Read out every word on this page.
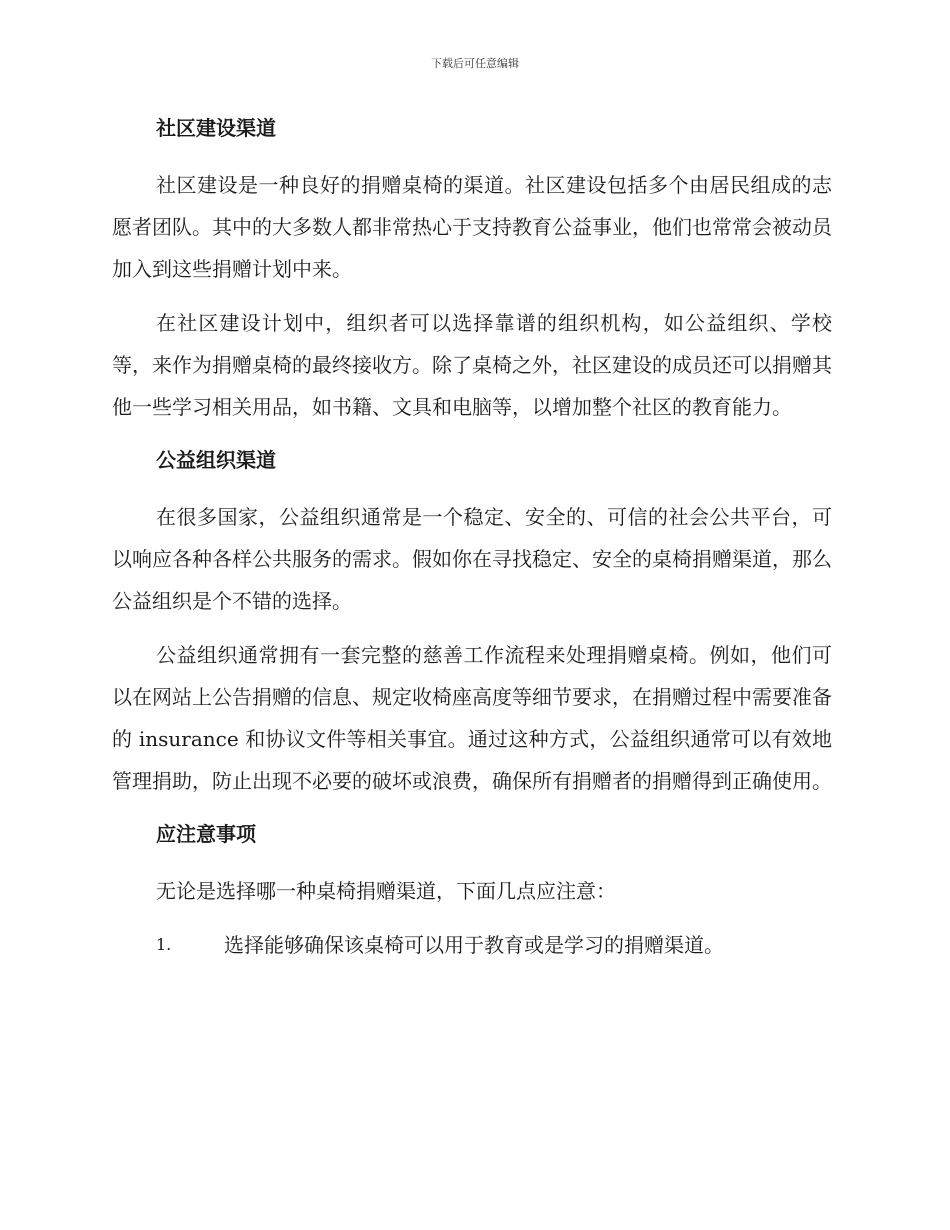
下载后可任意编辑
社区建设渠道

社区建设是一种良好的捐赠桌椅的渠道。社区建设包括多个由居民组成的志愿者团队。其中的大多数人都非常热心于支持教育公益事业，他们也常常会被动员加入到这些捐赠计划中来。

在社区建设计划中，组织者可以选择靠谱的组织机构，如公益组织、学校等，来作为捐赠桌椅的最终接收方。除了桌椅之外，社区建设的成员还可以捐赠其他一些学习相关用品，如书籍、文具和电脑等，以增加整个社区的教育能力。

公益组织渠道

在很多国家，公益组织通常是一个稳定、安全的、可信的社会公共平台，可以响应各种各样公共服务的需求。假如你在寻找稳定、安全的桌椅捐赠渠道，那么公益组织是个不错的选择。

公益组织通常拥有一套完整的慈善工作流程来处理捐赠桌椅。例如，他们可以在网站上公告捐赠的信息、规定收椅座高度等细节要求，在捐赠过程中需要准备的 insurance 和协议文件等相关事宜。通过这种方式，公益组织通常可以有效地管理捐助，防止出现不必要的破坏或浪费，确保所有捐赠者的捐赠得到正确使用。

应注意事项

无论是选择哪一种桌椅捐赠渠道，下面几点应注意：

1.	选择能够确保该桌椅可以用于教育或是学习的捐赠渠道。
